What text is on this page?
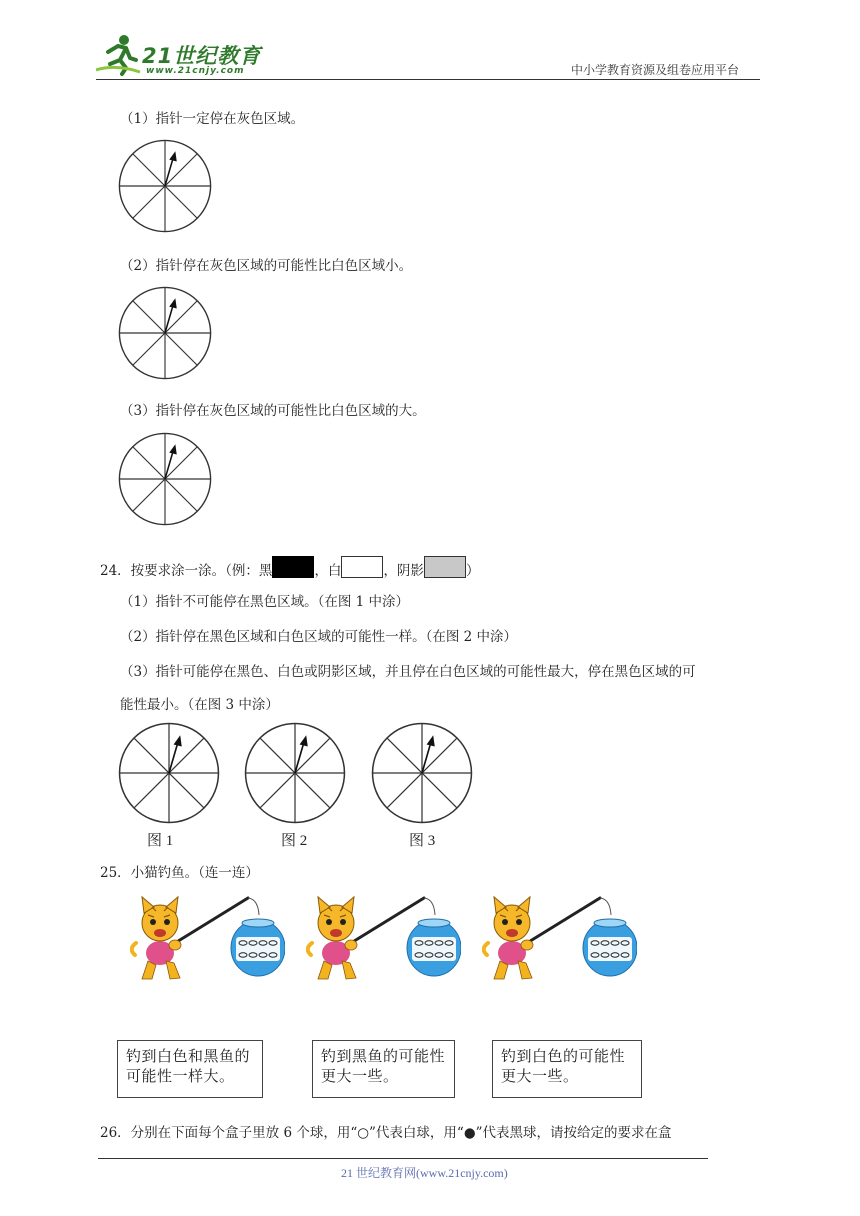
21世纪教育
www.21cnjy.com	中小学教育资源及组卷应用平台
（1）指针一定停在灰色区域。
（2）指针停在灰色区域的可能性比白色区域小。
（3）指针停在灰色区域的可能性比白色区域的大。
24．按要求涂一涂。（例：黑	，白	，阴影	）
（1）指针不可能停在黑色区域。（在图 1 中涂）
（2）指针停在黑色区域和白色区域的可能性一样。（在图 2 中涂）
（3）指针可能停在黑色、白色或阴影区域，并且停在白色区域的可能性最大，停在黑色区域的可
能性最小。（在图 3 中涂）
图 1	图 2	图 3
25．小猫钓鱼。（连一连）
钓到白色和黑鱼的
可能性一样大。
钓到黑鱼的可能性
更大一些。
钓到白色的可能性
更大一些。
26．分别在下面每个盒子里放 6 个球，用“○”代表白球，用“●”代表黑球，请按给定的要求在盒
21 世纪教育网(www.21cnjy.com)
